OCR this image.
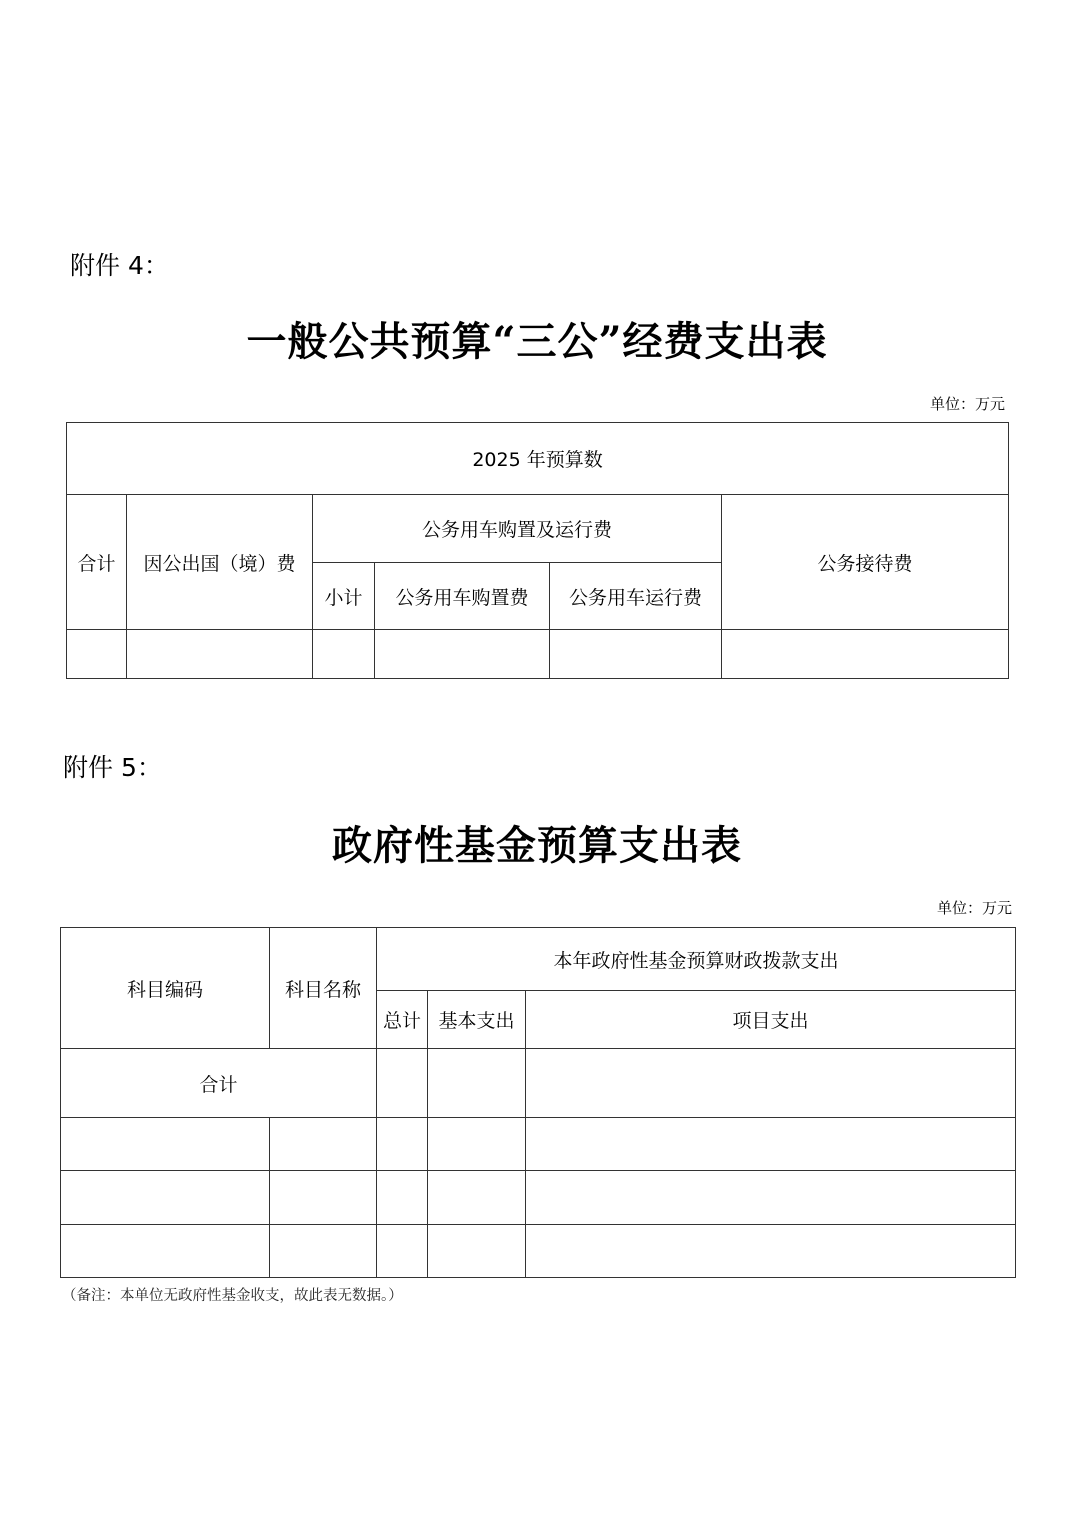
附件 4：
一般公共预算“三公”经费支出表
单位：万元
2025 年预算数					
合计	因公出国（境）费	公务用车购置及运行费			公务接待费
		小计	公务用车购置费	公务用车运行费	

附件 5：
政府性基金预算支出表
单位：万元
科目编码	科目名称	本年政府性基金预算财政拨款支出		
		总计	基本支出	项目支出
合计				

（备注：本单位无政府性基金收支，故此表无数据。）
